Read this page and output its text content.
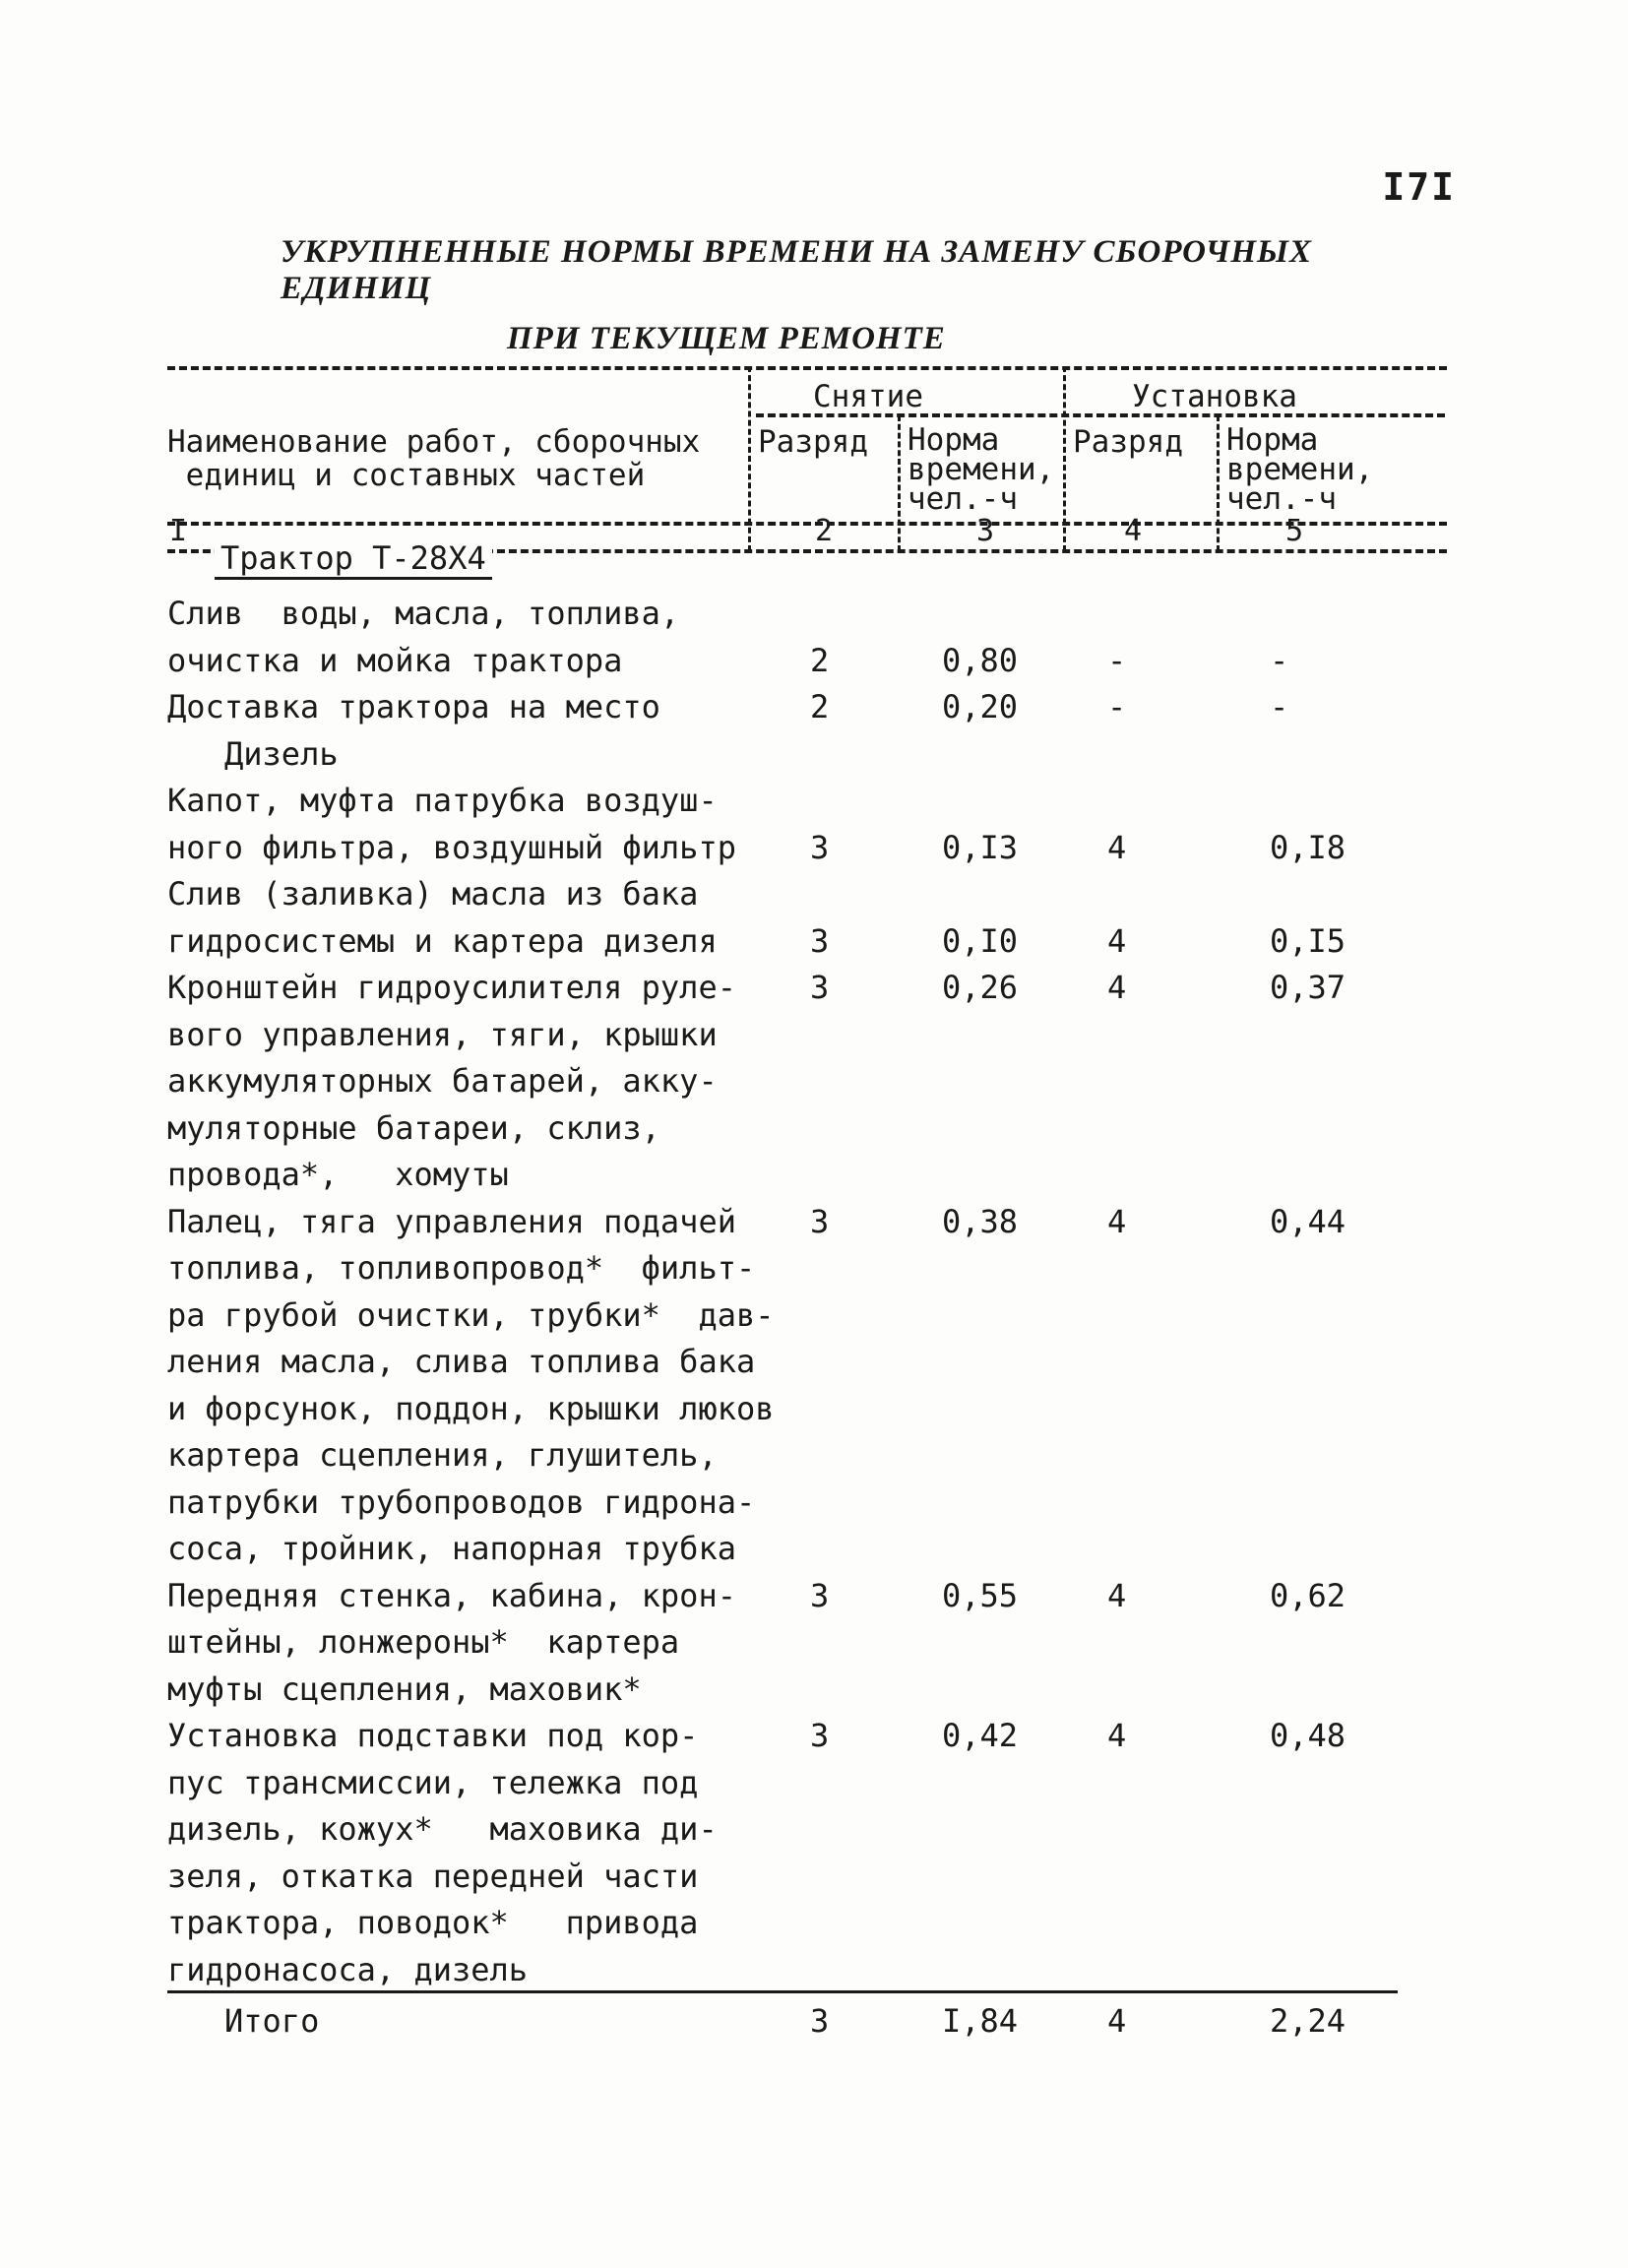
I7I
УКРУПНЕННЫЕ НОРМЫ ВРЕМЕНИ НА ЗАМЕНУ СБОРОЧНЫХ ЕДИНИЦ
ПРИ ТЕКУЩЕМ РЕМОНТЕ
Наименование работ, сборочных
единиц и составных частей
Снятие	Установка
Разряд Норма
времени,
чел.-ч
Разряд Норма
времени,
чел.-ч
I	2	3	4	5
Трактор Т-28Х4
Слив  воды, масла, топлива,
очистка и мойка трактора	2	0,80	-	-
Доставка трактора на место	2	0,20	-	-
Дизель
Капот, муфта патрубка воздуш-
ного фильтра, воздушный фильтр	3	0,I3	4	0,I8
Слив (заливка) масла из бака
гидросистемы и картера дизеля	3	0,I0	4	0,I5
Кронштейн гидроусилителя руле-
вого управления, тяги, крышки
аккумуляторных батарей, акку-
муляторные батареи, склиз,
провода*,   хомуты
3	0,26	4	0,37
Палец, тяга управления подачей
топлива, топливопровод*  фильт-
ра грубой очистки, трубки*  дав-
ления масла, слива топлива бака
и форсунок, поддон, крышки люков
картера сцепления, глушитель,
патрубки трубопроводов гидрона-
соса, тройник, напорная трубка
3	0,38	4	0,44
Передняя стенка, кабина, крон-
штейны, лонжероны*  картера
муфты сцепления, маховик*
3	0,55	4	0,62
Установка подставки под кор-
пус трансмиссии, тележка под
дизель, кожух*   маховика ди-
зеля, откатка передней части
трактора, поводок*   привода
гидронасоса, дизель
3	0,42	4	0,48
Итого	3	I,84	4	2,24
